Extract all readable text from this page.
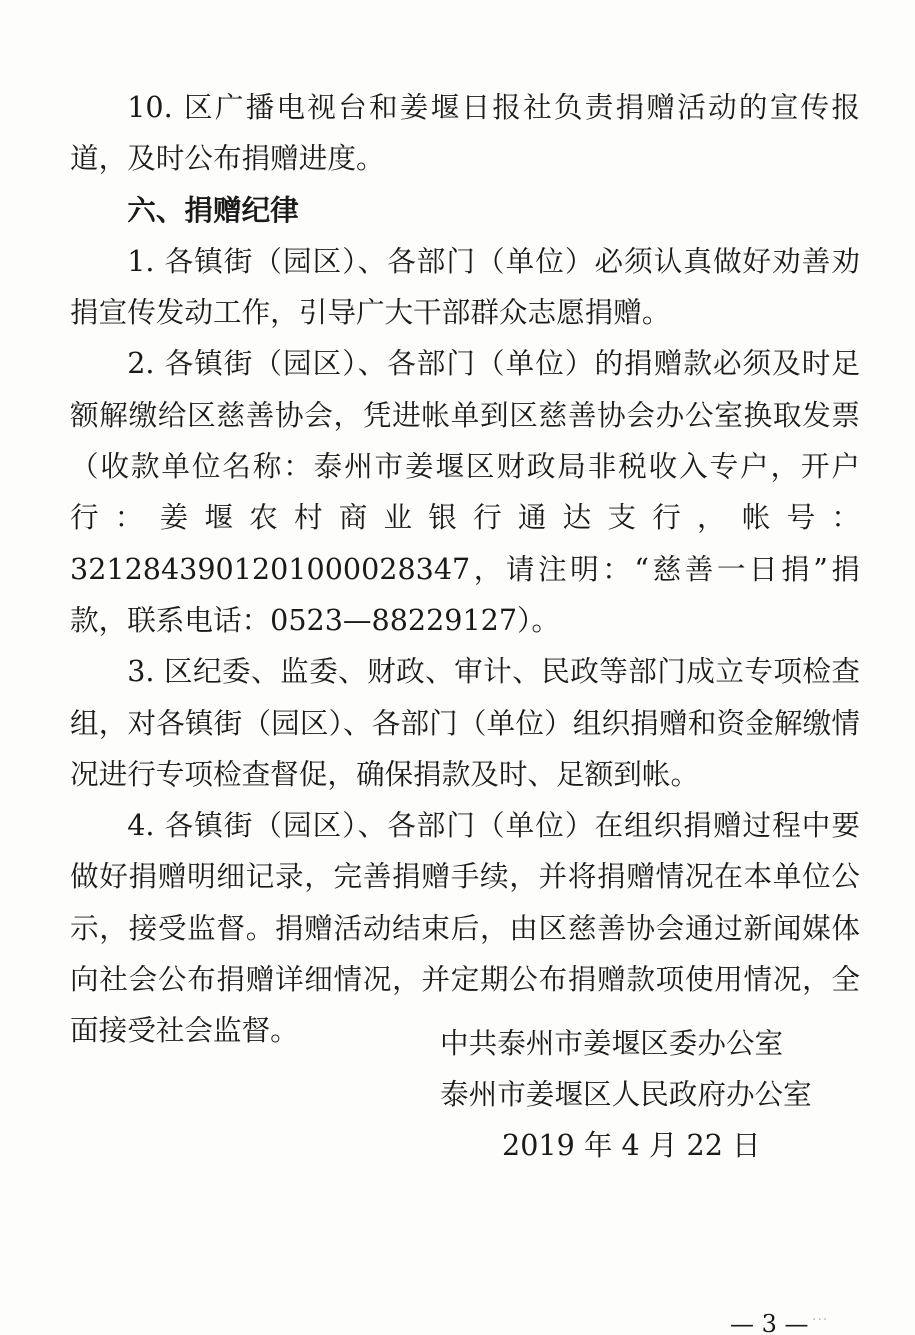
10. 区广播电视台和姜堰日报社负责捐赠活动的宣传报道，及时公布捐赠进度。

六、捐赠纪律

1. 各镇街（园区）、各部门（单位）必须认真做好劝善劝捐宣传发动工作，引导广大干部群众志愿捐赠。

2. 各镇街（园区）、各部门（单位）的捐赠款必须及时足额解缴给区慈善协会，凭进帐单到区慈善协会办公室换取发票（收款单位名称：泰州市姜堰区财政局非税收入专户，开户行：姜堰农村商业银行通达支行，帐号：3212843901201000028347，请注明：“慈善一日捐”捐款，联系电话：0523—88229127）。

3. 区纪委、监委、财政、审计、民政等部门成立专项检查组，对各镇街（园区）、各部门（单位）组织捐赠和资金解缴情况进行专项检查督促，确保捐款及时、足额到帐。

4. 各镇街（园区）、各部门（单位）在组织捐赠过程中要做好捐赠明细记录，完善捐赠手续，并将捐赠情况在本单位公示，接受监督。捐赠活动结束后，由区慈善协会通过新闻媒体向社会公布捐赠详细情况，并定期公布捐赠款项使用情况，全面接受社会监督。	中共泰州市姜堰区委办公室
泰州市姜堰区人民政府办公室
2019 年 4 月 22 日
— 3 — ···
